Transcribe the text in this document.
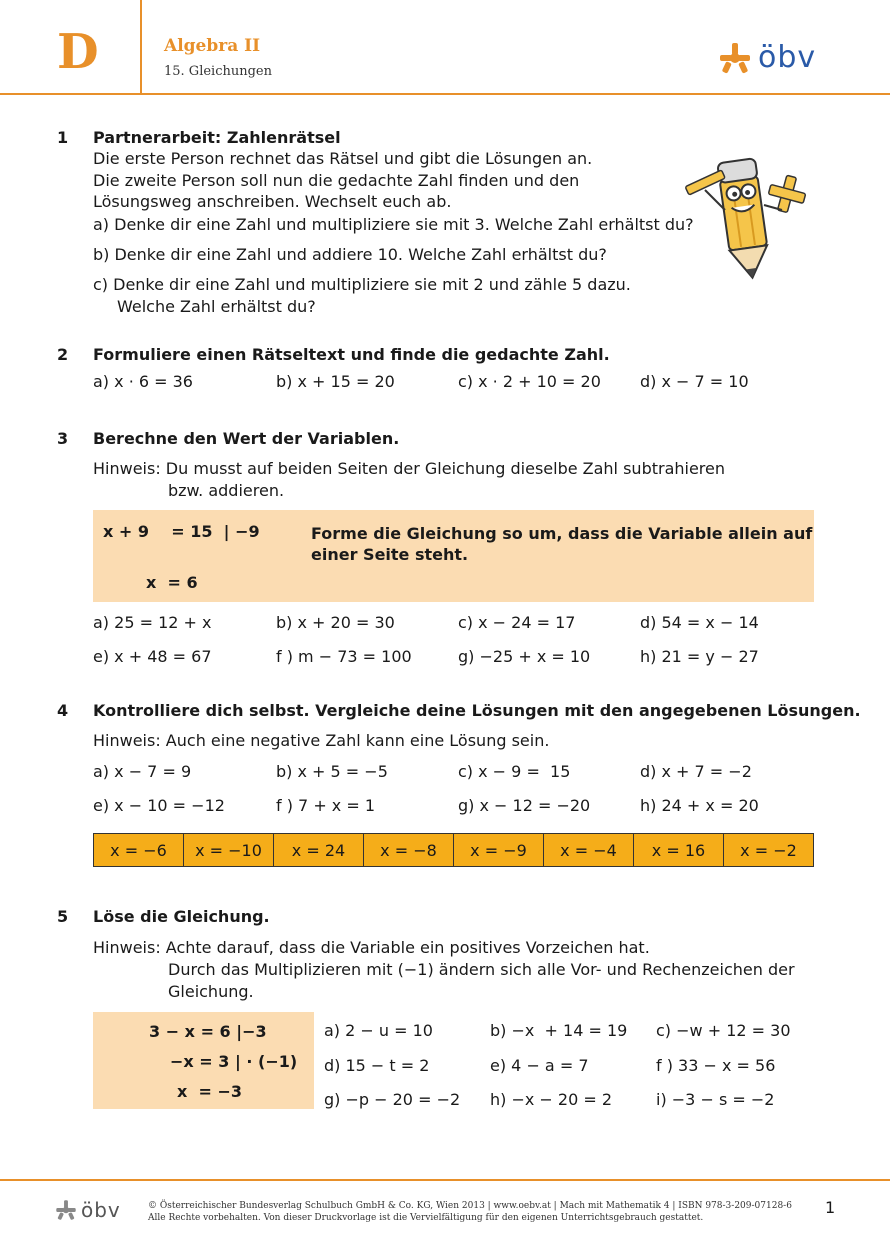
D	Algebra II
15. Gleichungen	öbv
1 Partnerarbeit: Zahlenrätsel
Die erste Person rechnet das Rätsel und gibt die Lösungen an.
Die zweite Person soll nun die gedachte Zahl finden und den
Lösungsweg anschreiben. Wechselt euch ab.
a) Denke dir eine Zahl und multipliziere sie mit 3. Welche Zahl erhältst du?
b) Denke dir eine Zahl und addiere 10. Welche Zahl erhältst du?
c) Denke dir eine Zahl und multipliziere sie mit 2 und zähle 5 dazu.
Welche Zahl erhältst du?
2 Formuliere einen Rätseltext und finde die gedachte Zahl.
a) x · 6 = 36	b) x + 15 = 20	c) x · 2 + 10 = 20 d) x − 7 = 10
3 Berechne den Wert der Variablen.
Hinweis: Du musst auf beiden Seiten der Gleichung dieselbe Zahl subtrahieren
bzw. addieren.
x + 9    = 15  | −9
x  = 6
Forme die Gleichung so um, dass die Variable allein auf
einer Seite steht.
a) 25 = 12 + x	b) x + 20 = 30	c) x − 24 = 17	d) 54 = x − 14
e) x + 48 = 67	f ) m − 73 = 100	g) −25 + x = 10	h) 21 = y − 27
4 Kontrolliere dich selbst. Vergleiche deine Lösungen mit den angegebenen Lösungen.
Hinweis: Auch eine negative Zahl kann eine Lösung sein.
a) x − 7 = 9	b) x + 5 = −5	c) x − 9 =  15	d) x + 7 = −2
e) x − 10 = −12	f ) 7 + x = 1	g) x − 12 = −20	h) 24 + x = 20
x = −6	x = −10	x = 24	x = −8	x = −9	x = −4	x = 16	x = −2
5 Löse die Gleichung.
Hinweis: Achte darauf, dass die Variable ein positives Vorzeichen hat.
Durch das Multiplizieren mit (−1) ändern sich alle Vor- und Rechenzeichen der
Gleichung.
3 − x = 6 |−3
−x = 3 | · (−1)
x  = −3
a) 2 − u = 10	b) −x  + 14 = 19 c) −w + 12 = 30
d) 15 − t = 2	e) 4 − a = 7	f ) 33 − x = 56
g) −p − 20 = −2 h) −x − 20 = 2	i) −3 − s = −2
öbv	© Österreichischer Bundesverlag Schulbuch GmbH & Co. KG, Wien 2013 | www.oebv.at | Mach mit Mathematik 4 | ISBN 978-3-209-07128-6
Alle Rechte vorbehalten. Von dieser Druckvorlage ist die Vervielfältigung für den eigenen Unterrichtsgebrauch gestattet.
1
